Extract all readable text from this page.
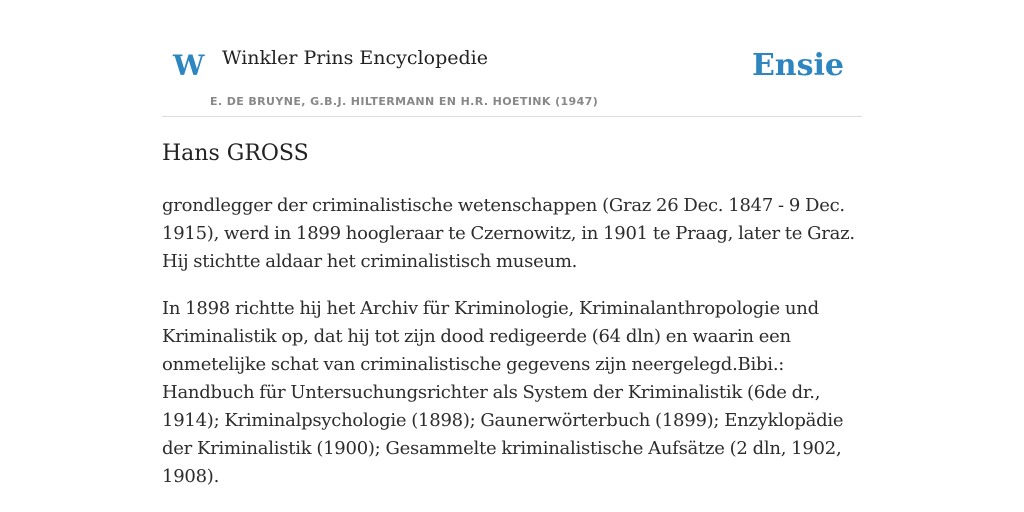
W Winkler Prins Encyclopedie
E. DE BRUYNE, G.B.J. HILTERMANN EN H.R. HOETINK (1947)
Ensie
Hans GROSS

grondlegger der criminalistische wetenschappen (Graz 26 Dec. 1847 - 9 Dec. 1915), werd in 1899 hoogleraar te Czernowitz, in 1901 te Praag, later te Graz. Hij stichtte aldaar het criminalistisch museum.

In 1898 richtte hij het Archiv für Kriminologie, Kriminalanthropologie und Kriminalistik op, dat hij tot zijn dood redigeerde (64 dln) en waarin een onmetelijke schat van criminalistische gegevens zijn neergelegd.Bibi.: Handbuch für Untersuchungsrichter als System der Kriminalistik (6de dr., 1914); Kriminalpsychologie (1898); Gaunerwörterbuch (1899); Enzyklopädie der Kriminalistik (1900); Gesammelte kriminalistische Aufsätze (2 dln, 1902, 1908).
